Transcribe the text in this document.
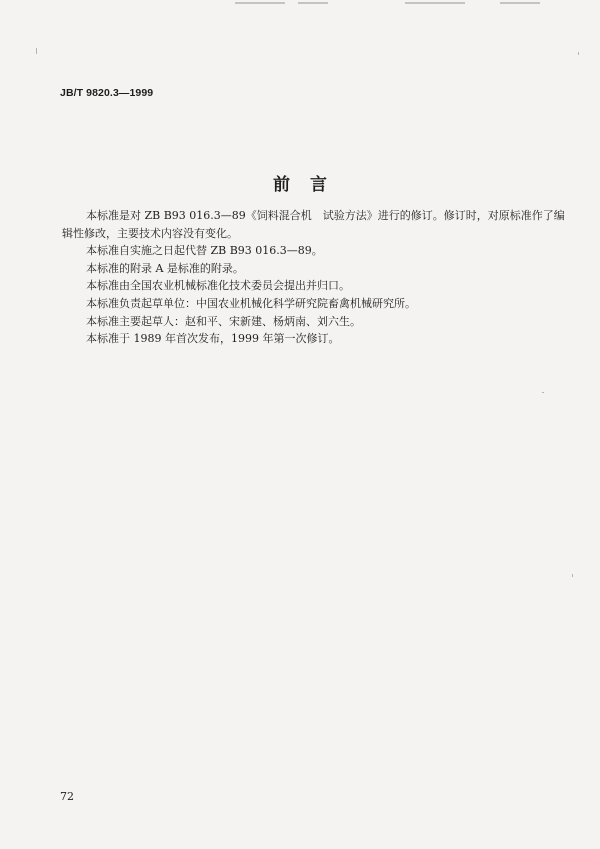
JB/T 9820.3—1999
前言

本标准是对 ZB B93 016.3—89《饲料混合机　试验方法》进行的修订。修订时，对原标准作了编辑性修改，主要技术内容没有变化。

本标准自实施之日起代替 ZB B93 016.3—89。

本标准的附录 A 是标准的附录。

本标准由全国农业机械标准化技术委员会提出并归口。

本标准负责起草单位：中国农业机械化科学研究院畜禽机械研究所。

本标准主要起草人：赵和平、宋新建、杨炳南、刘六生。

本标准于 1989 年首次发布，1999 年第一次修订。

72
